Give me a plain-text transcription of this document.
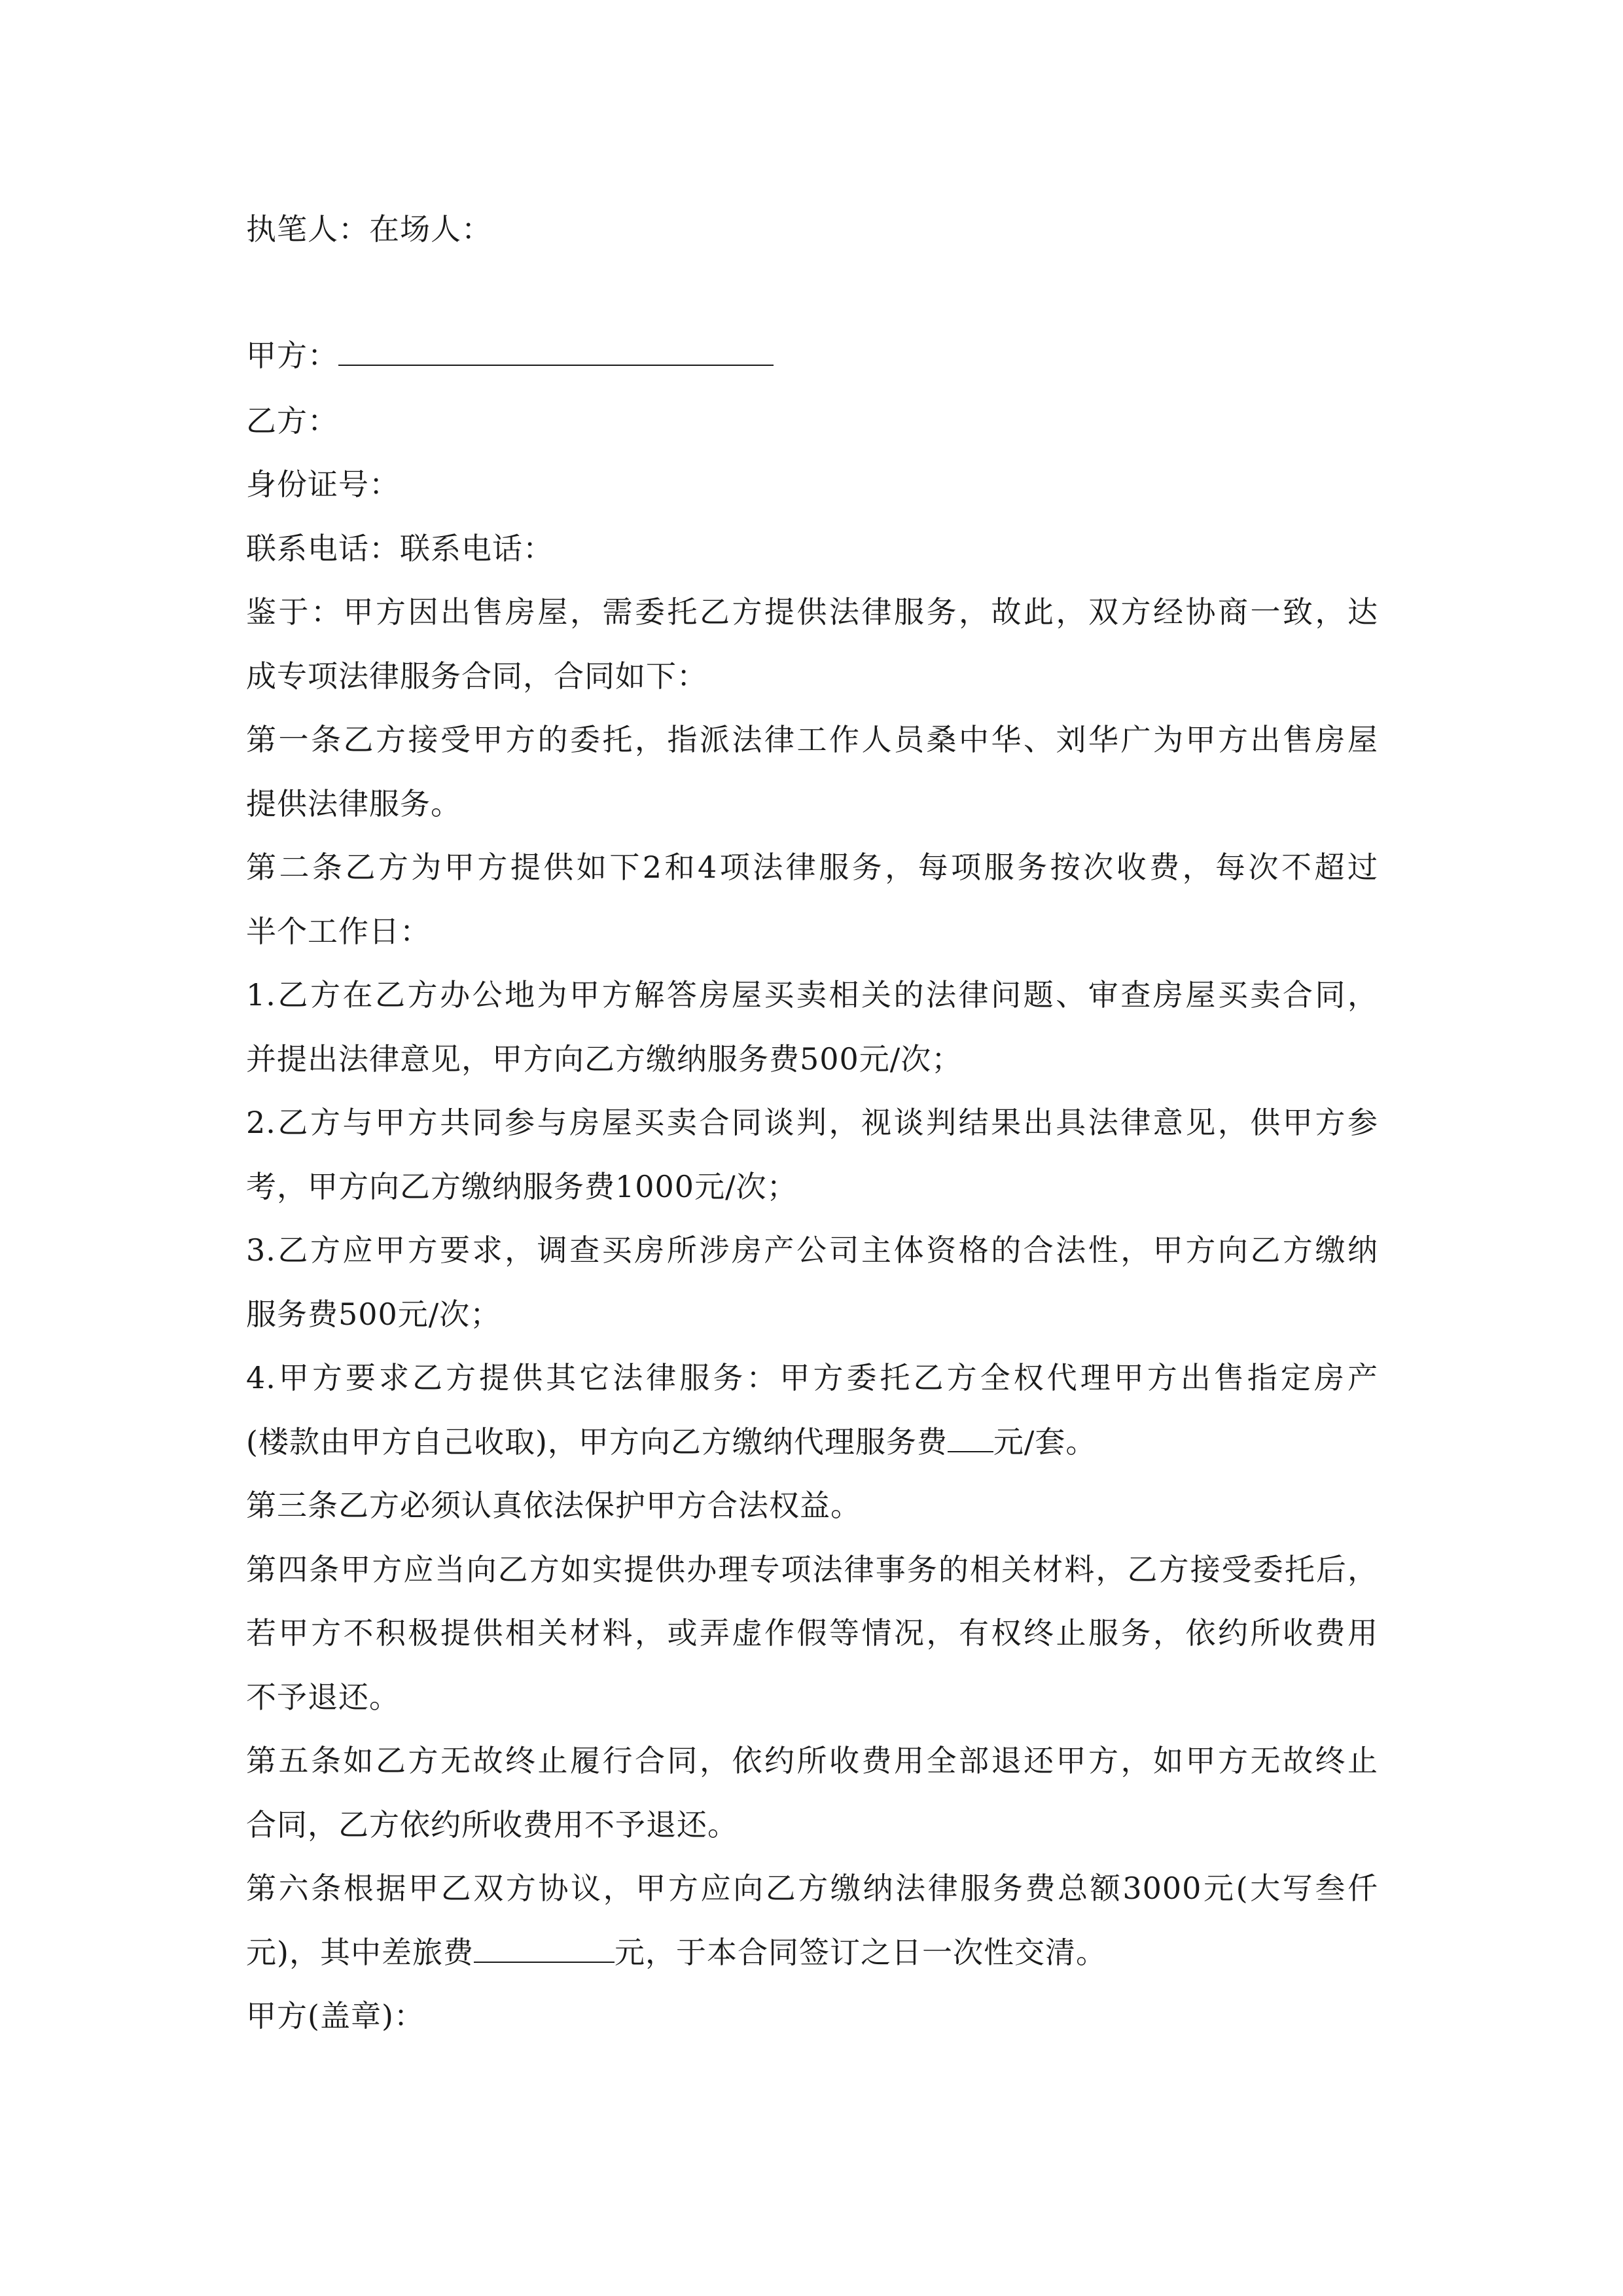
执笔人：在场人：
甲方：
乙方：
身份证号：
联系电话：联系电话：
鉴于：甲方因出售房屋，需委托乙方提供法律服务，故此，双方经协商一致，达
成专项法律服务合同，合同如下：
第一条乙方接受甲方的委托，指派法律工作人员桑中华、刘华广为甲方出售房屋
提供法律服务。
第二条乙方为甲方提供如下2和4项法律服务，每项服务按次收费，每次不超过
半个工作日：
1.乙方在乙方办公地为甲方解答房屋买卖相关的法律问题、审查房屋买卖合同，
并提出法律意见，甲方向乙方缴纳服务费500元/次；
2.乙方与甲方共同参与房屋买卖合同谈判，视谈判结果出具法律意见，供甲方参
考，甲方向乙方缴纳服务费1000元/次；
3.乙方应甲方要求，调查买房所涉房产公司主体资格的合法性，甲方向乙方缴纳
服务费500元/次；
4.甲方要求乙方提供其它法律服务：甲方委托乙方全权代理甲方出售指定房产
(楼款由甲方自己收取)，甲方向乙方缴纳代理服务费 元/套。
第三条乙方必须认真依法保护甲方合法权益。
第四条甲方应当向乙方如实提供办理专项法律事务的相关材料，乙方接受委托后，
若甲方不积极提供相关材料，或弄虚作假等情况，有权终止服务，依约所收费用
不予退还。
第五条如乙方无故终止履行合同，依约所收费用全部退还甲方，如甲方无故终止
合同，乙方依约所收费用不予退还。
第六条根据甲乙双方协议，甲方应向乙方缴纳法律服务费总额3000元(大写叁仟
元)，其中差旅费	元，于本合同签订之日一次性交清。
甲方(盖章)：
